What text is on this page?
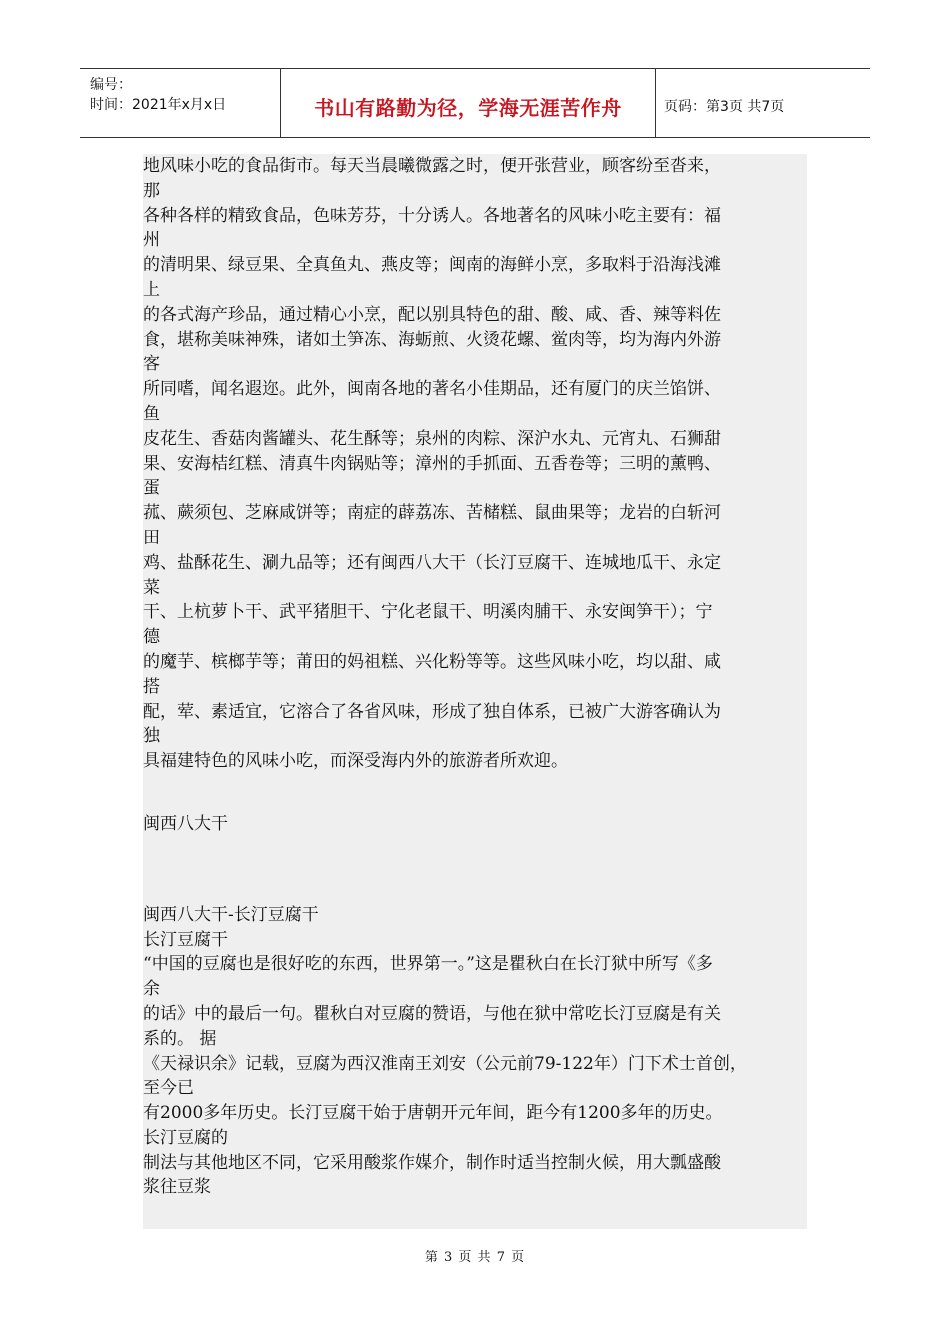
编号：
时间：2021年x月x日	书山有路勤为径，学海无涯苦作舟	页码：第3页 共7页
地风味小吃的食品街市。每天当晨曦微露之时，便开张营业，顾客纷至沓来，
那
各种各样的精致食品，色味芳芬，十分诱人。各地著名的风味小吃主要有：福
州
的清明果、绿豆果、全真鱼丸、燕皮等；闽南的海鲜小烹，多取料于沿海浅滩
上
的各式海产珍品，通过精心小烹，配以别具特色的甜、酸、咸、香、辣等料佐
食，堪称美味神殊，诸如土笋冻、海蛎煎、火烫花螺、鲎肉等，均为海内外游
客
所同嗜，闻名遐迩。此外，闽南各地的著名小佳期品，还有厦门的庆兰馅饼、
鱼
皮花生、香菇肉酱罐头、花生酥等；泉州的肉粽、深沪水丸、元宵丸、石狮甜
果、安海桔红糕、清真牛肉锅贴等；漳州的手抓面、五香卷等；三明的薰鸭、
蛋
菰、蕨须包、芝麻咸饼等；南症的薜荔冻、苦槠糕、鼠曲果等；龙岩的白斩河
田
鸡、盐酥花生、涮九品等；还有闽西八大干（长汀豆腐干、连城地瓜干、永定
菜
干、上杭萝卜干、武平猪胆干、宁化老鼠干、明溪肉脯干、永安闽笋干）；宁
德
的魔芋、槟榔芋等；莆田的妈祖糕、兴化粉等等。这些风味小吃，均以甜、咸
搭
配，荤、素适宜，它溶合了各省风味，形成了独自体系，已被广大游客确认为
独
具福建特色的风味小吃，而深受海内外的旅游者所欢迎。
闽西八大干
闽西八大干-长汀豆腐干
长汀豆腐干
“中国的豆腐也是很好吃的东西，世界第一。”这是瞿秋白在长汀狱中所写《多
余
的话》中的最后一句。瞿秋白对豆腐的赞语，与他在狱中常吃长汀豆腐是有关
系的。 据
《天禄识余》记载，豆腐为西汉淮南王刘安（公元前79-122年）门下术士首创，
至今已
有2000多年历史。长汀豆腐干始于唐朝开元年间，距今有1200多年的历史。
长汀豆腐的
制法与其他地区不同，它采用酸浆作媒介，制作时适当控制火候，用大瓢盛酸
浆往豆浆
第 3 页 共 7 页
